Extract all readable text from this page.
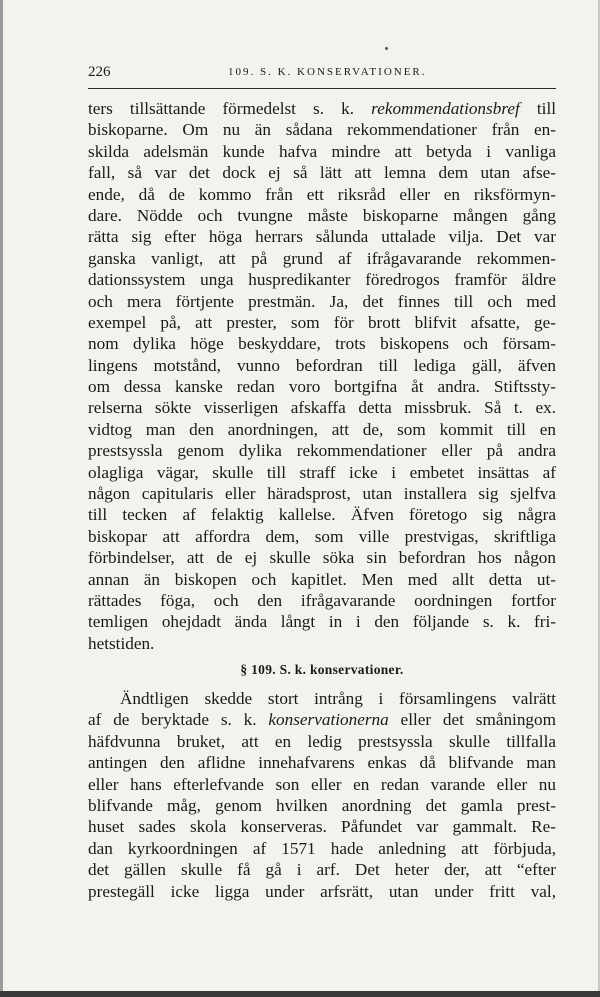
226	109. S. K. KONSERVATIONER.
ters tillsättande förmedelst s. k. rekommendationsbref till
biskoparne. Om nu än sådana rekommendationer från en-
skilda adelsmän kunde hafva mindre att betyda i vanliga
fall, så var det dock ej så lätt att lemna dem utan afse-
ende, då de kommo från ett riksråd eller en riksförmyn-
dare. Nödde och tvungne måste biskoparne mången gång
rätta sig efter höga herrars sålunda uttalade vilja. Det var
ganska vanligt, att på grund af ifrågavarande rekommen-
dationssystem unga huspredikanter föredrogos framför äldre
och mera förtjente prestmän. Ja, det finnes till och med
exempel på, att prester, som för brott blifvit afsatte, ge-
nom dylika höge beskyddare, trots biskopens och försam-
lingens motstånd, vunno befordran till lediga gäll, äfven
om dessa kanske redan voro bortgifna åt andra. Stiftssty-
relserna sökte visserligen afskaffa detta missbruk. Så t. ex.
vidtog man den anordningen, att de, som kommit till en
prestsyssla genom dylika rekommendationer eller på andra
olagliga vägar, skulle till straff icke i embetet insättas af
någon capitularis eller häradsprost, utan installera sig sjelfva
till tecken af felaktig kallelse. Äfven företogo sig några
biskopar att affordra dem, som ville prestvigas, skriftliga
förbindelser, att de ej skulle söka sin befordran hos någon
annan än biskopen och kapitlet. Men med allt detta ut-
rättades föga, och den ifrågavarande oordningen fortfor
temligen ohejdadt ända långt in i den följande s. k. fri-
hetstiden.
§ 109. S. k. konservationer.
Ändtligen skedde stort intrång i församlingens valrätt
af de beryktade s. k. konservationerna eller det småningom
häfdvunna bruket, att en ledig prestsyssla skulle tillfalla
antingen den aflidne innehafvarens enkas då blifvande man
eller hans efterlefvande son eller en redan varande eller nu
blifvande måg, genom hvilken anordning det gamla prest-
huset sades skola konserveras. Påfundet var gammalt. Re-
dan kyrkoordningen af 1571 hade anledning att förbjuda,
det gällen skulle få gå i arf. Det heter der, att “efter
prestegäll icke ligga under arfsrätt, utan under fritt val,
